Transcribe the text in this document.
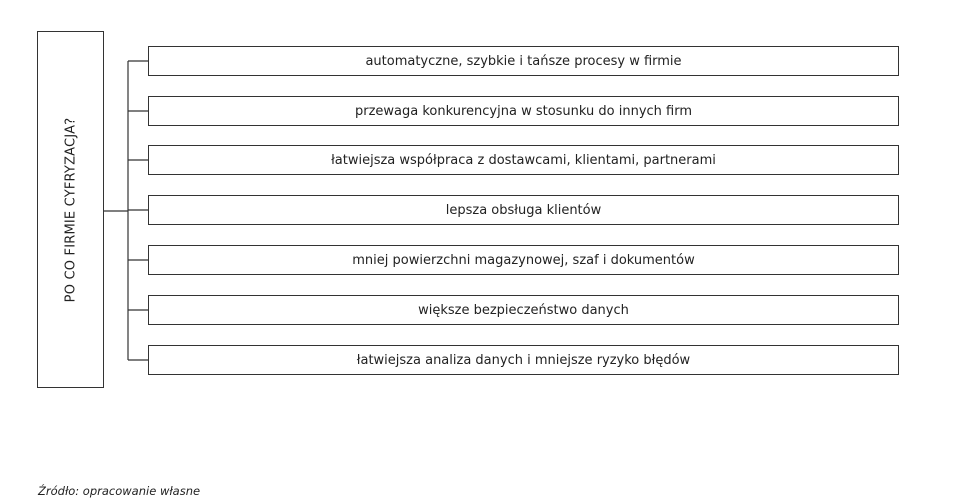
PO CO FIRMIE CYFRYZACJA?
automatyczne, szybkie i tańsze procesy w firmie
przewaga konkurencyjna w stosunku do innych firm
łatwiejsza współpraca z dostawcami, klientami, partnerami
lepsza obsługa klientów
mniej powierzchni magazynowej, szaf i dokumentów
większe bezpieczeństwo danych
łatwiejsza analiza danych i mniejsze ryzyko błędów
Źródło: opracowanie własne
